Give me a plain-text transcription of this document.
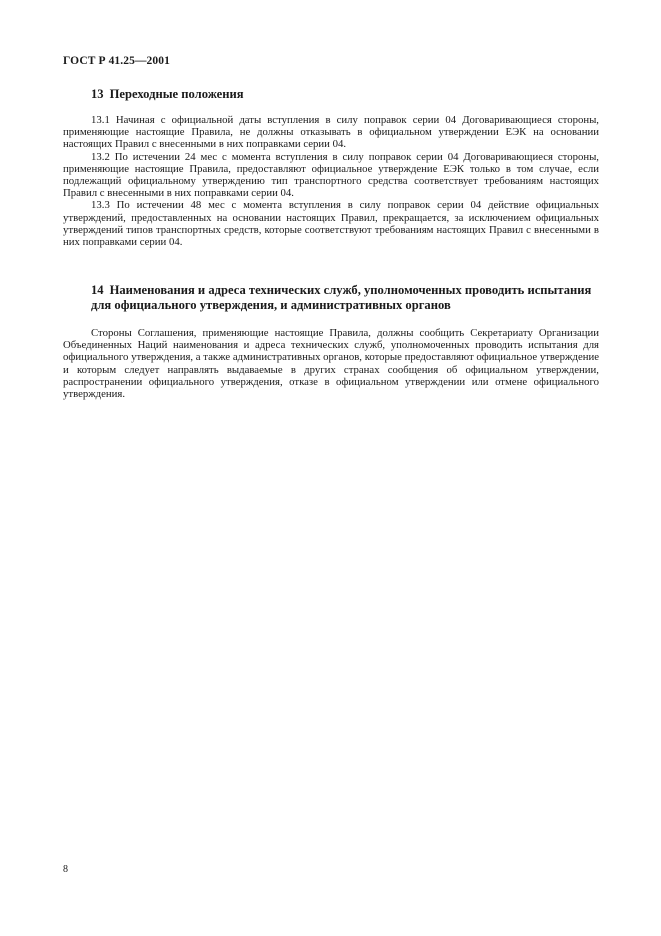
ГОСТ Р 41.25—2001
13 Переходные положения

13.1 Начиная с официальной даты вступления в силу поправок серии 04 Договаривающиеся стороны, применяющие настоящие Правила, не должны отказывать в официальном утверждении ЕЭК на основании настоящих Правил с внесенными в них поправками серии 04.

13.2 По истечении 24 мес с момента вступления в силу поправок серии 04 Договаривающиеся стороны, применяющие настоящие Правила, предоставляют официальное утверждение ЕЭК только в том случае, если подлежащий официальному утверждению тип транспортного средства соответствует требованиям настоящих Правил с внесенными в них поправками серии 04.

13.3 По истечении 48 мес с момента вступления в силу поправок серии 04 действие официальных утверждений, предоставленных на основании настоящих Правил, прекращается, за исключением официальных утверждений типов транспортных средств, которые соответствуют требованиям настоящих Правил с внесенными в них поправками серии 04.

14 Наименования и адреса технических служб, уполномоченных проводить испытания для официального утверждения, и административных органов

Стороны Соглашения, применяющие настоящие Правила, должны сообщить Секретариату Организации Объединенных Наций наименования и адреса технических служб, уполномоченных проводить испытания для официального утверждения, а также административных органов, которые предоставляют официальное утверждение и которым следует направлять выдаваемые в других странах сообщения об официальном утверждении, распространении официального утверждения, отказе в официальном утверждении или отмене официального утверждения.

8
